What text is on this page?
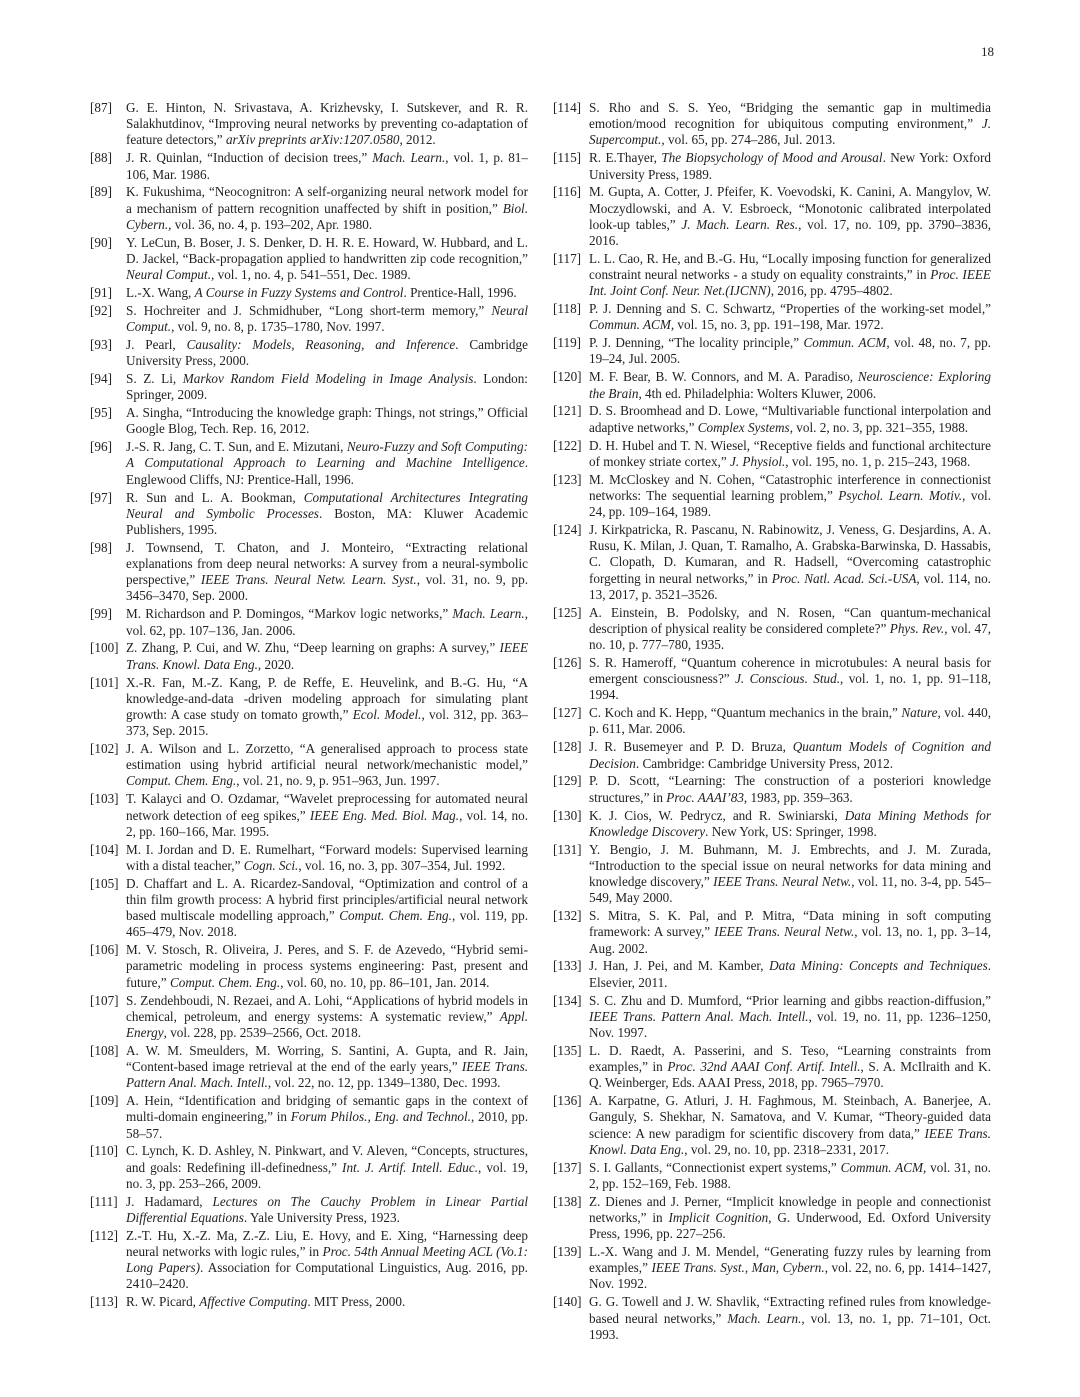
18
[87]	G. E. Hinton, N. Srivastava, A. Krizhevsky, I. Sutskever, and R. R. Salakhutdinov, “Improving neural networks by preventing co-adaptation of feature detectors,” arXiv preprints arXiv:1207.0580, 2012.
[88]	J. R. Quinlan, “Induction of decision trees,” Mach. Learn., vol. 1, p. 81–106, Mar. 1986.
[89]	K. Fukushima, “Neocognitron: A self-organizing neural network model for a mechanism of pattern recognition unaffected by shift in position,” Biol. Cybern., vol. 36, no. 4, p. 193–202, Apr. 1980.
[90]	Y. LeCun, B. Boser, J. S. Denker, D. H. R. E. Howard, W. Hubbard, and L. D. Jackel, “Back-propagation applied to handwritten zip code recognition,” Neural Comput., vol. 1, no. 4, p. 541–551, Dec. 1989.
[91]	L.-X. Wang, A Course in Fuzzy Systems and Control. Prentice-Hall, 1996.
[92]	S. Hochreiter and J. Schmidhuber, “Long short-term memory,” Neural Comput., vol. 9, no. 8, p. 1735–1780, Nov. 1997.
[93]	J. Pearl, Causality: Models, Reasoning, and Inference. Cambridge University Press, 2000.
[94]	S. Z. Li, Markov Random Field Modeling in Image Analysis. London: Springer, 2009.
[95]	A. Singha, “Introducing the knowledge graph: Things, not strings,” Official Google Blog, Tech. Rep. 16, 2012.
[96]	J.-S. R. Jang, C. T. Sun, and E. Mizutani, Neuro-Fuzzy and Soft Computing: A Computational Approach to Learning and Machine Intelligence. Englewood Cliffs, NJ: Prentice-Hall, 1996.
[97]	R. Sun and L. A. Bookman, Computational Architectures Integrating Neural and Symbolic Processes. Boston, MA: Kluwer Academic Publishers, 1995.
[98]	J. Townsend, T. Chaton, and J. Monteiro, “Extracting relational explanations from deep neural networks: A survey from a neural-symbolic perspective,” IEEE Trans. Neural Netw. Learn. Syst., vol. 31, no. 9, pp. 3456–3470, Sep. 2000.
[99]	M. Richardson and P. Domingos, “Markov logic networks,” Mach. Learn., vol. 62, pp. 107–136, Jan. 2006.
[100] Z. Zhang, P. Cui, and W. Zhu, “Deep learning on graphs: A survey,” IEEE Trans. Knowl. Data Eng., 2020.
[101] X.-R. Fan, M.-Z. Kang, P. de Reffe, E. Heuvelink, and B.-G. Hu, “A knowledge-and-data -driven modeling approach for simulating plant growth: A case study on tomato growth,” Ecol. Model., vol. 312, pp. 363–373, Sep. 2015.
[102] J. A. Wilson and L. Zorzetto, “A generalised approach to process state estimation using hybrid artificial neural network/mechanistic model,” Comput. Chem. Eng., vol. 21, no. 9, p. 951–963, Jun. 1997.
[103] T. Kalayci and O. Ozdamar, “Wavelet preprocessing for automated neural network detection of eeg spikes,” IEEE Eng. Med. Biol. Mag., vol. 14, no. 2, pp. 160–166, Mar. 1995.
[104] M. I. Jordan and D. E. Rumelhart, “Forward models: Supervised learning with a distal teacher,” Cogn. Sci., vol. 16, no. 3, pp. 307–354, Jul. 1992.
[105] D. Chaffart and L. A. Ricardez-Sandoval, “Optimization and control of a thin film growth process: A hybrid first principles/artificial neural network based multiscale modelling approach,” Comput. Chem. Eng., vol. 119, pp. 465–479, Nov. 2018.
[106] M. V. Stosch, R. Oliveira, J. Peres, and S. F. de Azevedo, “Hybrid semi-parametric modeling in process systems engineering: Past, present and future,” Comput. Chem. Eng., vol. 60, no. 10, pp. 86–101, Jan. 2014.
[107] S. Zendehboudi, N. Rezaei, and A. Lohi, “Applications of hybrid models in chemical, petroleum, and energy systems: A systematic review,” Appl. Energy, vol. 228, pp. 2539–2566, Oct. 2018.
[108] A. W. M. Smeulders, M. Worring, S. Santini, A. Gupta, and R. Jain, “Content-based image retrieval at the end of the early years,” IEEE Trans. Pattern Anal. Mach. Intell., vol. 22, no. 12, pp. 1349–1380, Dec. 1993.
[109] A. Hein, “Identification and bridging of semantic gaps in the context of multi-domain engineering,” in Forum Philos., Eng. and Technol., 2010, pp. 58–57.
[110] C. Lynch, K. D. Ashley, N. Pinkwart, and V. Aleven, “Concepts, structures, and goals: Redefining ill-definedness,” Int. J. Artif. Intell. Educ., vol. 19, no. 3, pp. 253–266, 2009.
[111] J. Hadamard, Lectures on The Cauchy Problem in Linear Partial Differential Equations. Yale University Press, 1923.
[112] Z.-T. Hu, X.-Z. Ma, Z.-Z. Liu, E. Hovy, and E. Xing, “Harnessing deep neural networks with logic rules,” in Proc. 54th Annual Meeting ACL (Vo.1: Long Papers). Association for Computational Linguistics, Aug. 2016, pp. 2410–2420.
[113] R. W. Picard, Affective Computing. MIT Press, 2000.
[114] S. Rho and S. S. Yeo, “Bridging the semantic gap in multimedia emotion/mood recognition for ubiquitous computing environment,” J. Supercomput., vol. 65, pp. 274–286, Jul. 2013.
[115] R. E.Thayer, The Biopsychology of Mood and Arousal. New York: Oxford University Press, 1989.
[116] M. Gupta, A. Cotter, J. Pfeifer, K. Voevodski, K. Canini, A. Mangylov, W. Moczydlowski, and A. V. Esbroeck, “Monotonic calibrated interpolated look-up tables,” J. Mach. Learn. Res., vol. 17, no. 109, pp. 3790–3836, 2016.
[117] L. L. Cao, R. He, and B.-G. Hu, “Locally imposing function for generalized constraint neural networks - a study on equality constraints,” in Proc. IEEE Int. Joint Conf. Neur. Net.(IJCNN), 2016, pp. 4795–4802.
[118] P. J. Denning and S. C. Schwartz, “Properties of the working-set model,” Commun. ACM, vol. 15, no. 3, pp. 191–198, Mar. 1972.
[119] P. J. Denning, “The locality principle,” Commun. ACM, vol. 48, no. 7, pp. 19–24, Jul. 2005.
[120] M. F. Bear, B. W. Connors, and M. A. Paradiso, Neuroscience: Exploring the Brain, 4th ed. Philadelphia: Wolters Kluwer, 2006.
[121] D. S. Broomhead and D. Lowe, “Multivariable functional interpolation and adaptive networks,” Complex Systems, vol. 2, no. 3, pp. 321–355, 1988.
[122] D. H. Hubel and T. N. Wiesel, “Receptive fields and functional architecture of monkey striate cortex,” J. Physiol., vol. 195, no. 1, p. 215–243, 1968.
[123] M. McCloskey and N. Cohen, “Catastrophic interference in connectionist networks: The sequential learning problem,” Psychol. Learn. Motiv., vol. 24, pp. 109–164, 1989.
[124] J. Kirkpatricka, R. Pascanu, N. Rabinowitz, J. Veness, G. Desjardins, A. A. Rusu, K. Milan, J. Quan, T. Ramalho, A. Grabska-Barwinska, D. Hassabis, C. Clopath, D. Kumaran, and R. Hadsell, “Overcoming catastrophic forgetting in neural networks,” in Proc. Natl. Acad. Sci.-USA, vol. 114, no. 13, 2017, p. 3521–3526.
[125] A. Einstein, B. Podolsky, and N. Rosen, “Can quantum-mechanical description of physical reality be considered complete?” Phys. Rev., vol. 47, no. 10, p. 777–780, 1935.
[126] S. R. Hameroff, “Quantum coherence in microtubules: A neural basis for emergent consciousness?” J. Conscious. Stud., vol. 1, no. 1, pp. 91–118, 1994.
[127] C. Koch and K. Hepp, “Quantum mechanics in the brain,” Nature, vol. 440, p. 611, Mar. 2006.
[128] J. R. Busemeyer and P. D. Bruza, Quantum Models of Cognition and Decision. Cambridge: Cambridge University Press, 2012.
[129] P. D. Scott, “Learning: The construction of a posteriori knowledge structures,” in Proc. AAAI’83, 1983, pp. 359–363.
[130] K. J. Cios, W. Pedrycz, and R. Swiniarski, Data Mining Methods for Knowledge Discovery. New York, US: Springer, 1998.
[131] Y. Bengio, J. M. Buhmann, M. J. Embrechts, and J. M. Zurada, “Introduction to the special issue on neural networks for data mining and knowledge discovery,” IEEE Trans. Neural Netw., vol. 11, no. 3-4, pp. 545–549, May 2000.
[132] S. Mitra, S. K. Pal, and P. Mitra, “Data mining in soft computing framework: A survey,” IEEE Trans. Neural Netw., vol. 13, no. 1, pp. 3–14, Aug. 2002.
[133] J. Han, J. Pei, and M. Kamber, Data Mining: Concepts and Techniques. Elsevier, 2011.
[134] S. C. Zhu and D. Mumford, “Prior learning and gibbs reaction-diffusion,” IEEE Trans. Pattern Anal. Mach. Intell., vol. 19, no. 11, pp. 1236–1250, Nov. 1997.
[135] L. D. Raedt, A. Passerini, and S. Teso, “Learning constraints from examples,” in Proc. 32nd AAAI Conf. Artif. Intell., S. A. McIlraith and K. Q. Weinberger, Eds. AAAI Press, 2018, pp. 7965–7970.
[136] A. Karpatne, G. Atluri, J. H. Faghmous, M. Steinbach, A. Banerjee, A. Ganguly, S. Shekhar, N. Samatova, and V. Kumar, “Theory-guided data science: A new paradigm for scientific discovery from data,” IEEE Trans. Knowl. Data Eng., vol. 29, no. 10, pp. 2318–2331, 2017.
[137] S. I. Gallants, “Connectionist expert systems,” Commun. ACM, vol. 31, no. 2, pp. 152–169, Feb. 1988.
[138] Z. Dienes and J. Perner, “Implicit knowledge in people and connectionist networks,” in Implicit Cognition, G. Underwood, Ed. Oxford University Press, 1996, pp. 227–256.
[139] L.-X. Wang and J. M. Mendel, “Generating fuzzy rules by learning from examples,” IEEE Trans. Syst., Man, Cybern., vol. 22, no. 6, pp. 1414–1427, Nov. 1992.
[140] G. G. Towell and J. W. Shavlik, “Extracting refined rules from knowledge-based neural networks,” Mach. Learn., vol. 13, no. 1, pp. 71–101, Oct. 1993.
